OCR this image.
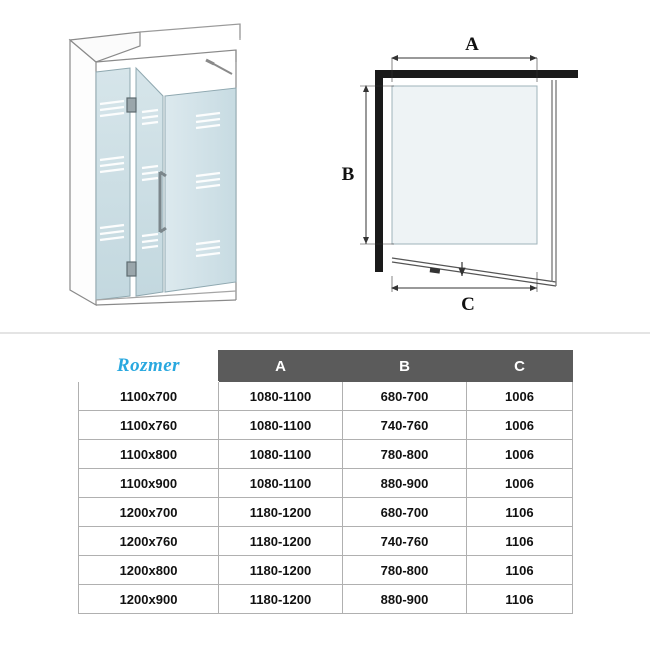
A
B
C
Rozmer	A	B	C
1100x700	1080-1100	680-700	1006
1100x760	1080-1100	740-760	1006
1100x800	1080-1100	780-800	1006
1100x900	1080-1100	880-900	1006
1200x700	1180-1200	680-700	1106
1200x760	1180-1200	740-760	1106
1200x800	1180-1200	780-800	1106
1200x900	1180-1200	880-900	1106
